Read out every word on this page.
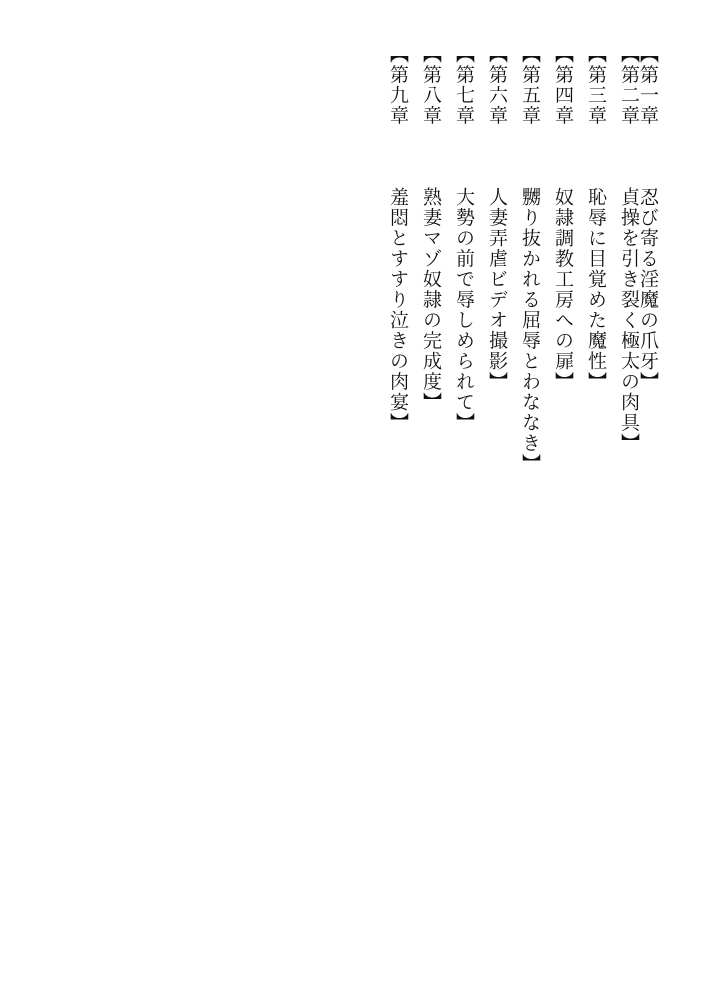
【第一章  忍び寄る淫魔の爪牙】
【第二章  貞操を引き裂く極太の肉具】
【第三章  恥辱に目覚めた魔性】
【第四章  奴隷調教工房への扉】
【第五章  嬲り抜かれる屈辱とわななき】
【第六章  人妻弄虐ビデオ撮影】
【第七章  大勢の前で辱しめられて】
【第八章  熟妻マゾ奴隷の完成度】
【第九章  羞悶とすすり泣きの肉宴】
